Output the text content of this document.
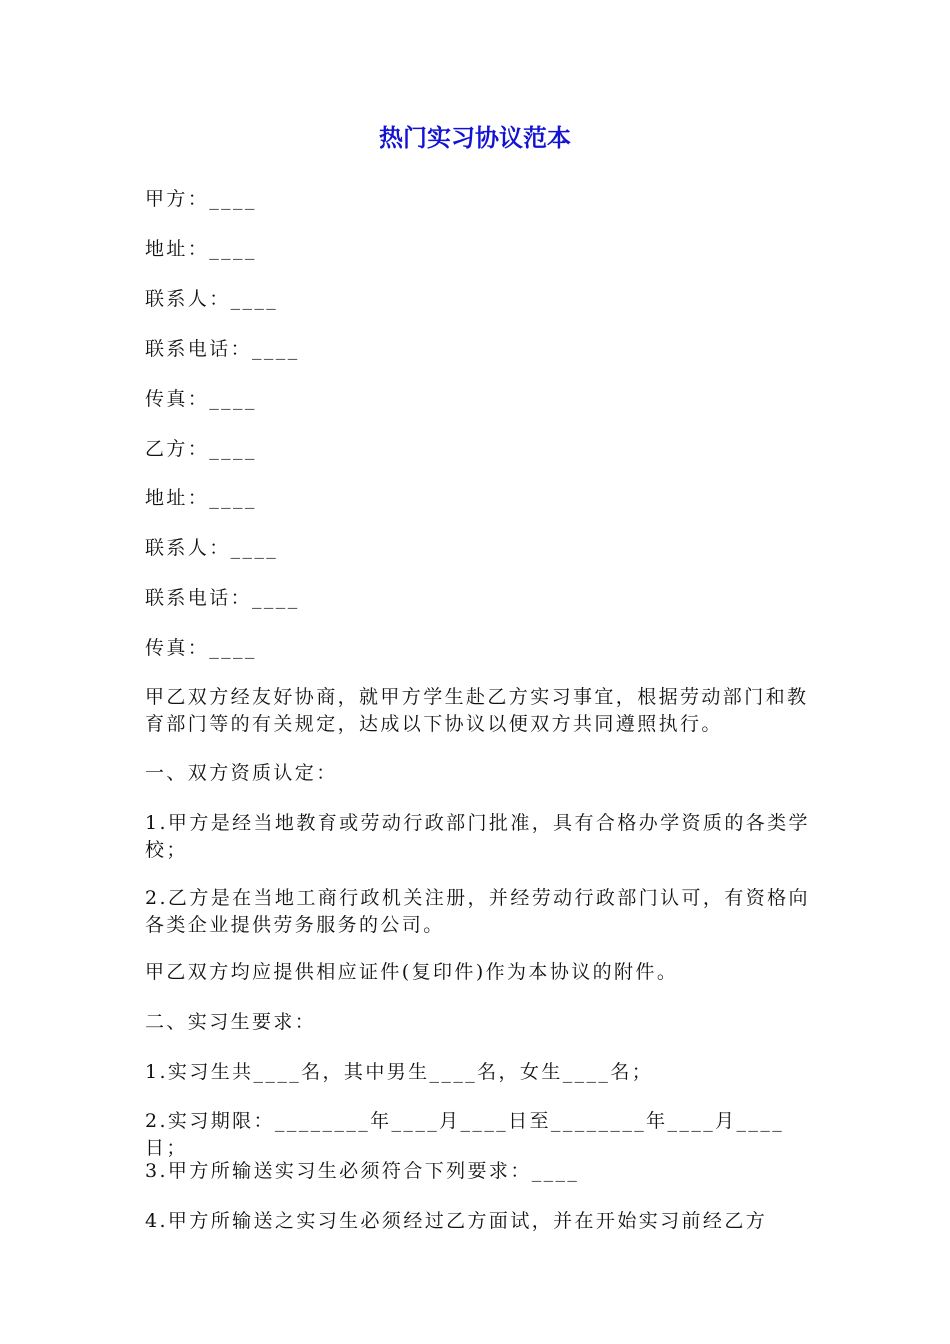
热门实习协议范本

甲方：____

地址：____

联系人：____

联系电话：____

传真：____

乙方：____

地址：____

联系人：____

联系电话：____

传真：____

甲乙双方经友好协商，就甲方学生赴乙方实习事宜，根据劳动部门和教育部门等的有关规定，达成以下协议以便双方共同遵照执行。

一、双方资质认定：

1.甲方是经当地教育或劳动行政部门批准，具有合格办学资质的各类学校；

2.乙方是在当地工商行政机关注册，并经劳动行政部门认可，有资格向各类企业提供劳务服务的公司。

甲乙双方均应提供相应证件(复印件)作为本协议的附件。

二、实习生要求：

1.实习生共____名，其中男生____名，女生____名；

2.实习期限：________年____月____日至________年____月____日；

3.甲方所输送实习生必须符合下列要求：____

4.甲方所输送之实习生必须经过乙方面试，并在开始实习前经乙方
